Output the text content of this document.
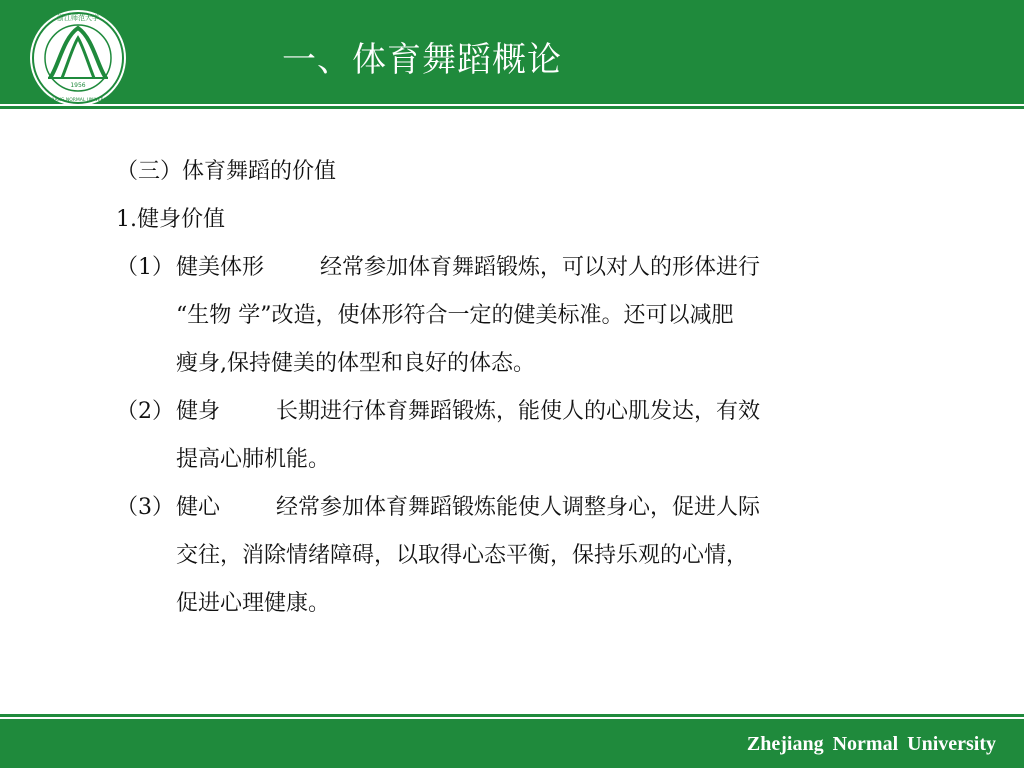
1956
浙江师范大学
ZHEJIANG NORMAL UNIVERSITY
一、体育舞蹈概论
（三）体育舞蹈的价值
1.健身价值
（1） 健美体形	经常参加体育舞蹈锻炼，可以对人的形体进行
“生物 学”改造，使体形符合一定的健美标准。还可以减肥
瘦身,保持健美的体型和良好的体态。
（2） 健身	长期进行体育舞蹈锻炼，能使人的心肌发达，有效
提高心肺机能。
（3） 健心	经常参加体育舞蹈锻炼能使人调整身心，促进人际
交往，消除情绪障碍，以取得心态平衡，保持乐观的心情，
促进心理健康。
Zhejiang Normal University
